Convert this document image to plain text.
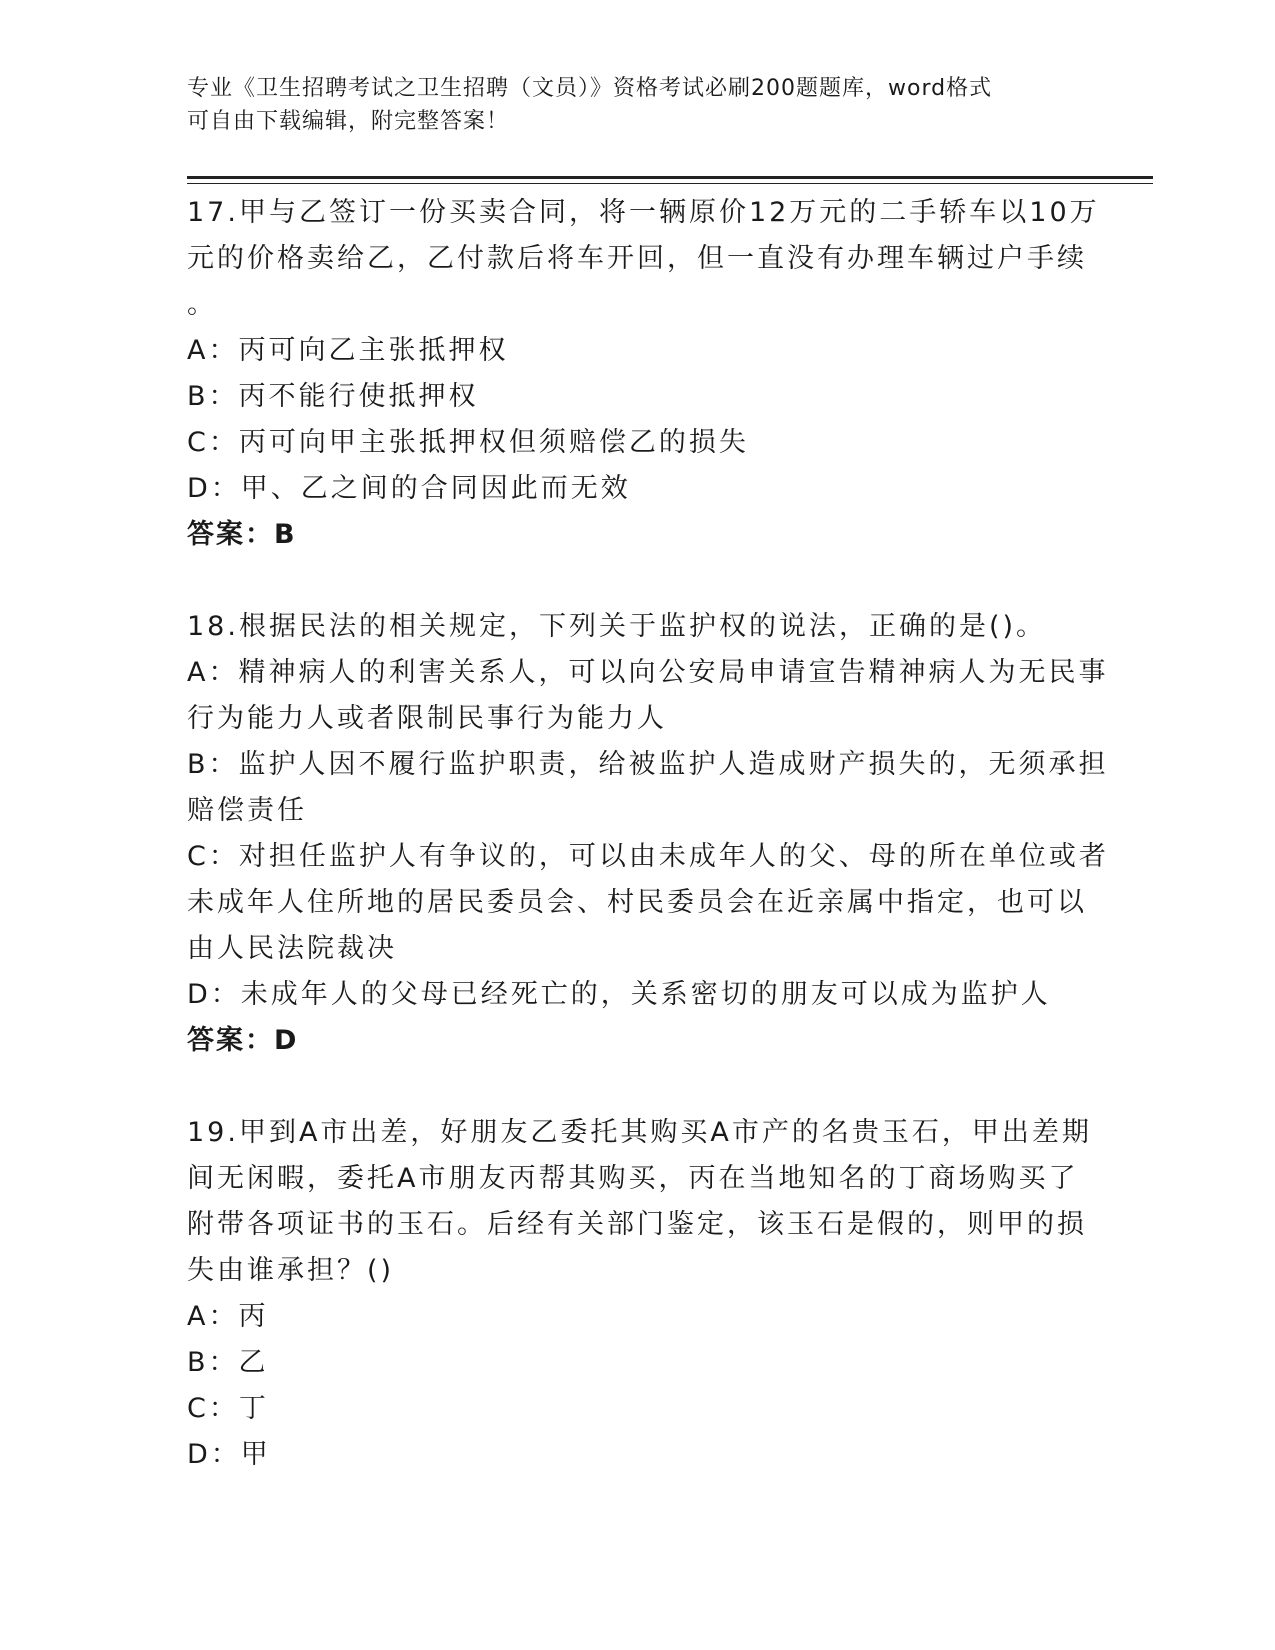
专业《卫生招聘考试之卫生招聘（文员）》资格考试必刷200题题库，word格式
可自由下载编辑，附完整答案！
17.甲与乙签订一份买卖合同，将一辆原价12万元的二手轿车以10万
元的价格卖给乙，乙付款后将车开回，但一直没有办理车辆过户手续
。
A：丙可向乙主张抵押权
B：丙不能行使抵押权
C：丙可向甲主张抵押权但须赔偿乙的损失
D：甲、乙之间的合同因此而无效
答案：B
18.根据民法的相关规定，下列关于监护权的说法，正确的是()。
A：精神病人的利害关系人，可以向公安局申请宣告精神病人为无民事
行为能力人或者限制民事行为能力人
B：监护人因不履行监护职责，给被监护人造成财产损失的，无须承担
赔偿责任
C：对担任监护人有争议的，可以由未成年人的父、母的所在单位或者
未成年人住所地的居民委员会、村民委员会在近亲属中指定，也可以
由人民法院裁决
D：未成年人的父母已经死亡的，关系密切的朋友可以成为监护人
答案：D
19.甲到A市出差，好朋友乙委托其购买A市产的名贵玉石，甲出差期
间无闲暇，委托A市朋友丙帮其购买，丙在当地知名的丁商场购买了
附带各项证书的玉石。后经有关部门鉴定，该玉石是假的，则甲的损
失由谁承担？()
A：丙
B：乙
C：丁
D：甲
